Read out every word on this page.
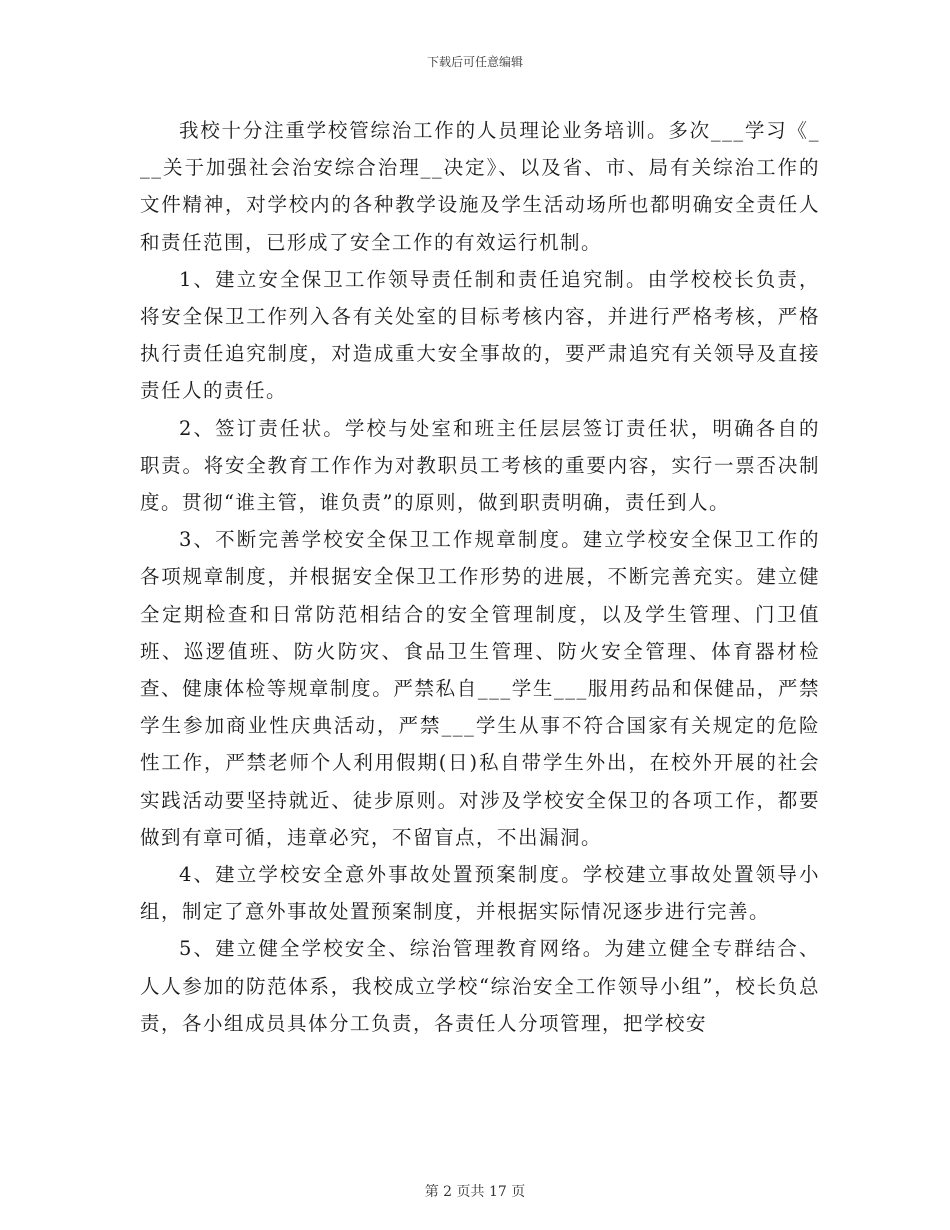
下载后可任意编辑

我校十分注重学校管综治工作的人员理论业务培训。多次___学习《___关于加强社会治安综合治理__决定》、以及省、市、局有关综治工作的文件精神，对学校内的各种教学设施及学生活动场所也都明确安全责任人和责任范围，已形成了安全工作的有效运行机制。

1、建立安全保卫工作领导责任制和责任追究制。由学校校长负责，将安全保卫工作列入各有关处室的目标考核内容，并进行严格考核，严格执行责任追究制度，对造成重大安全事故的，要严肃追究有关领导及直接责任人的责任。

2、签订责任状。学校与处室和班主任层层签订责任状，明确各自的职责。将安全教育工作作为对教职员工考核的重要内容，实行一票否决制度。贯彻“谁主管，谁负责”的原则，做到职责明确，责任到人。

3、不断完善学校安全保卫工作规章制度。建立学校安全保卫工作的各项规章制度，并根据安全保卫工作形势的进展，不断完善充实。建立健全定期检查和日常防范相结合的安全管理制度，以及学生管理、门卫值班、巡逻值班、防火防灾、食品卫生管理、防火安全管理、体育器材检查、健康体检等规章制度。严禁私自___学生___服用药品和保健品，严禁学生参加商业性庆典活动，严禁___学生从事不符合国家有关规定的危险性工作，严禁老师个人利用假期(日)私自带学生外出，在校外开展的社会实践活动要坚持就近、徒步原则。对涉及学校安全保卫的各项工作，都要做到有章可循，违章必究，不留盲点，不出漏洞。

4、建立学校安全意外事故处置预案制度。学校建立事故处置领导小组，制定了意外事故处置预案制度，并根据实际情况逐步进行完善。

5、建立健全学校安全、综治管理教育网络。为建立健全专群结合、人人参加的防范体系，我校成立学校“综治安全工作领导小组”，校长负总责，各小组成员具体分工负责，各责任人分项管理，把学校安

第 2 页共 17 页
